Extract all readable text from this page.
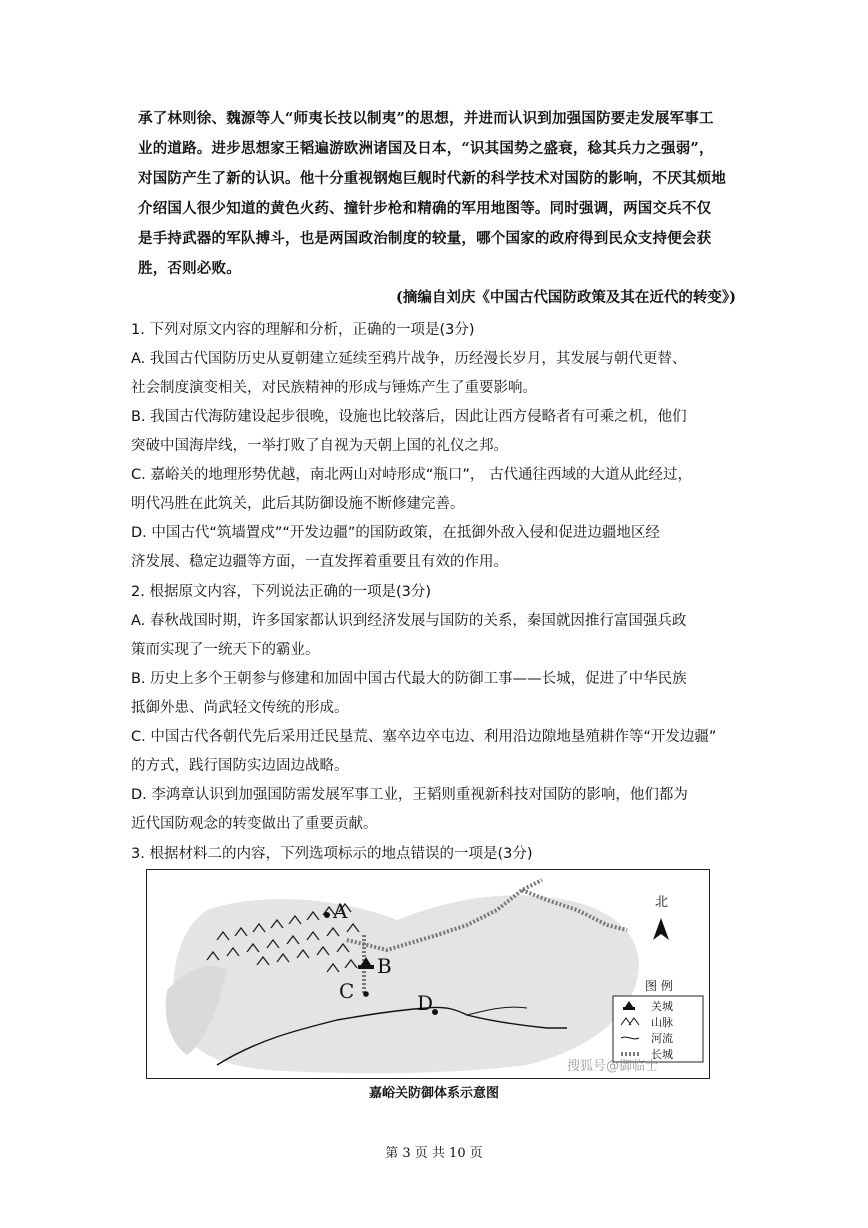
承了林则徐、魏源等人“师夷长技以制夷”的思想，并进而认识到加强国防要走发展军事工
业的道路。进步思想家王韬遍游欧洲诸国及日本，“识其国势之盛衰，稔其兵力之强弱”，
对国防产生了新的认识。他十分重视钢炮巨舰时代新的科学技术对国防的影响，不厌其烦地
介绍国人很少知道的黄色火药、撞针步枪和精确的军用地图等。同时强调，两国交兵不仅
是手持武器的军队搏斗，也是两国政治制度的较量，哪个国家的政府得到民众支持便会获
胜，否则必败。
(摘编自刘庆《中国古代国防政策及其在近代的转变》)
1. 下列对原文内容的理解和分析，正确的一项是(3分)
A. 我国古代国防历史从夏朝建立延续至鸦片战争，历经漫长岁月，其发展与朝代更替、
社会制度演变相关，对民族精神的形成与锤炼产生了重要影响。
B. 我国古代海防建设起步很晚，设施也比较落后，因此让西方侵略者有可乘之机，他们
突破中国海岸线，一举打败了自视为天朝上国的礼仪之邦。
C. 嘉峪关的地理形势优越，南北两山对峙形成“瓶口”， 古代通往西域的大道从此经过，
明代冯胜在此筑关，此后其防御设施不断修建完善。
D. 中国古代“筑墙置戍”“开发边疆”的国防政策，在抵御外敌入侵和促进边疆地区经
济发展、稳定边疆等方面，一直发挥着重要且有效的作用。
2. 根据原文内容，下列说法正确的一项是(3分)
A. 春秋战国时期，许多国家都认识到经济发展与国防的关系，秦国就因推行富国强兵政
策而实现了一统天下的霸业。
B. 历史上多个王朝参与修建和加固中国古代最大的防御工事——长城，促进了中华民族
抵御外患、尚武轻文传统的形成。
C. 中国古代各朝代先后采用迁民垦荒、塞卒边卒屯边、利用沿边隙地垦殖耕作等“开发边疆”
的方式，践行国防实边固边战略。
D. 李鸿章认识到加强国防需发展军事工业，王韬则重视新科技对国防的影响，他们都为
近代国防观念的转变做出了重要贡献。
3. 根据材料二的内容，下列选项标示的地点错误的一项是(3分)
A
B
C	D
北
图 例
关城
山脉
河流
长城
搜狐号@御临士
嘉峪关防御体系示意图
第 3 页 共 10 页
